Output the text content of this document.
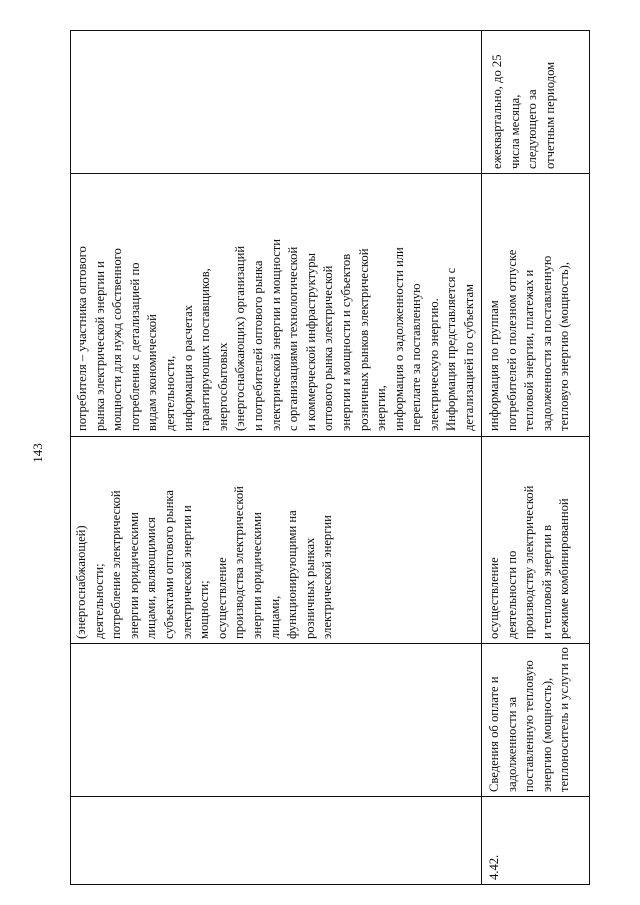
143
потребителя – участника оптового рынка электрической энергии и мощности для нужд собственного потребления с детализацией по видам экономической деятельности, информация о расчетах гарантирующих поставщиков, энергосбытовых (энергоснабжающих) организаций и потребителей оптового рынка электрической энергии и мощности с организациями технологической и коммерческой инфраструктуры оптового рынка электрической энергии и мощности и субъектов розничных рынков электрической энергии, информация о задолженности или переплате за поставленную электрическую энергию. Информация представляется с детализацией по субъектам
(энергоснабжающей) деятельности; потребление электрической энергии юридическими лицами, являющимися субъектами оптового рынка электрической энергии и мощности; осуществление производства электрической энергии юридическими лицами, функционирующими на розничных рынках электрической энергии
ежеквартально, до 25 числа месяца, следующего за отчетным периодом
информация по группам потребителей о полезном отпуске тепловой энергии, платежах и задолженности за поставленную тепловую энергию (мощность),
осуществление деятельности по производству электрической и тепловой энергии в режиме комбинированной
Сведения об оплате и задолженности за поставленную тепловую энергию (мощность), теплоноситель и услуги по
4.42.
